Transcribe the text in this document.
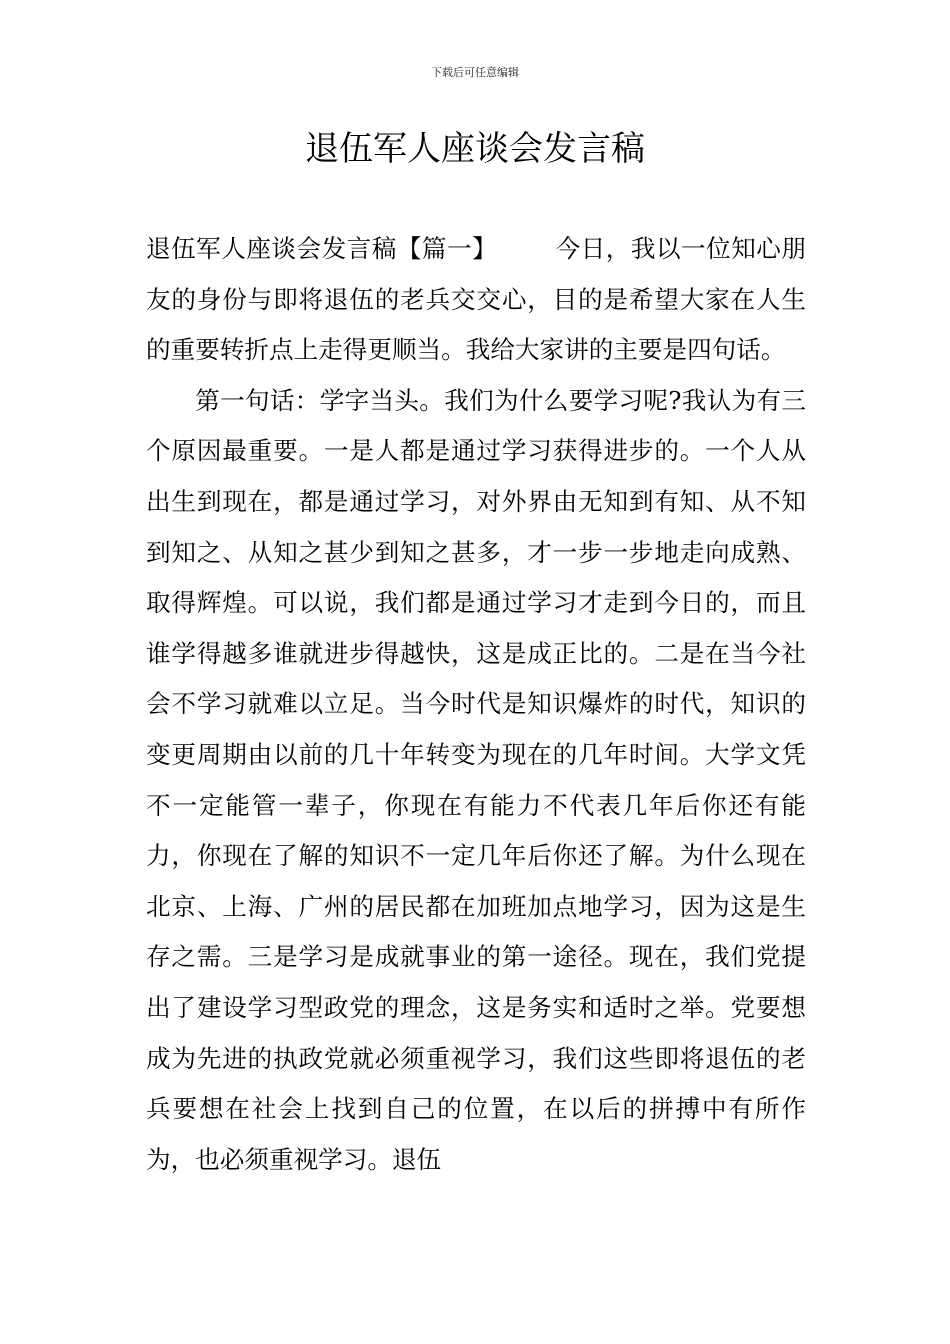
下载后可任意编辑
退伍军人座谈会发言稿

退伍军人座谈会发言稿【篇一】 今日，我以一位知心朋友的身份与即将退伍的老兵交交心，目的是希望大家在人生的重要转折点上走得更顺当。我给大家讲的主要是四句话。

第一句话：学字当头。我们为什么要学习呢?我认为有三个原因最重要。一是人都是通过学习获得进步的。一个人从出生到现在，都是通过学习，对外界由无知到有知、从不知到知之、从知之甚少到知之甚多，才一步一步地走向成熟、取得辉煌。可以说，我们都是通过学习才走到今日的，而且谁学得越多谁就进步得越快，这是成正比的。二是在当今社会不学习就难以立足。当今时代是知识爆炸的时代，知识的变更周期由以前的几十年转变为现在的几年时间。大学文凭不一定能管一辈子，你现在有能力不代表几年后你还有能力，你现在了解的知识不一定几年后你还了解。为什么现在北京、上海、广州的居民都在加班加点地学习，因为这是生存之需。三是学习是成就事业的第一途径。现在，我们党提出了建设学习型政党的理念，这是务实和适时之举。党要想成为先进的执政党就必须重视学习，我们这些即将退伍的老兵要想在社会上找到自己的位置，在以后的拼搏中有所作为，也必须重视学习。退伍
